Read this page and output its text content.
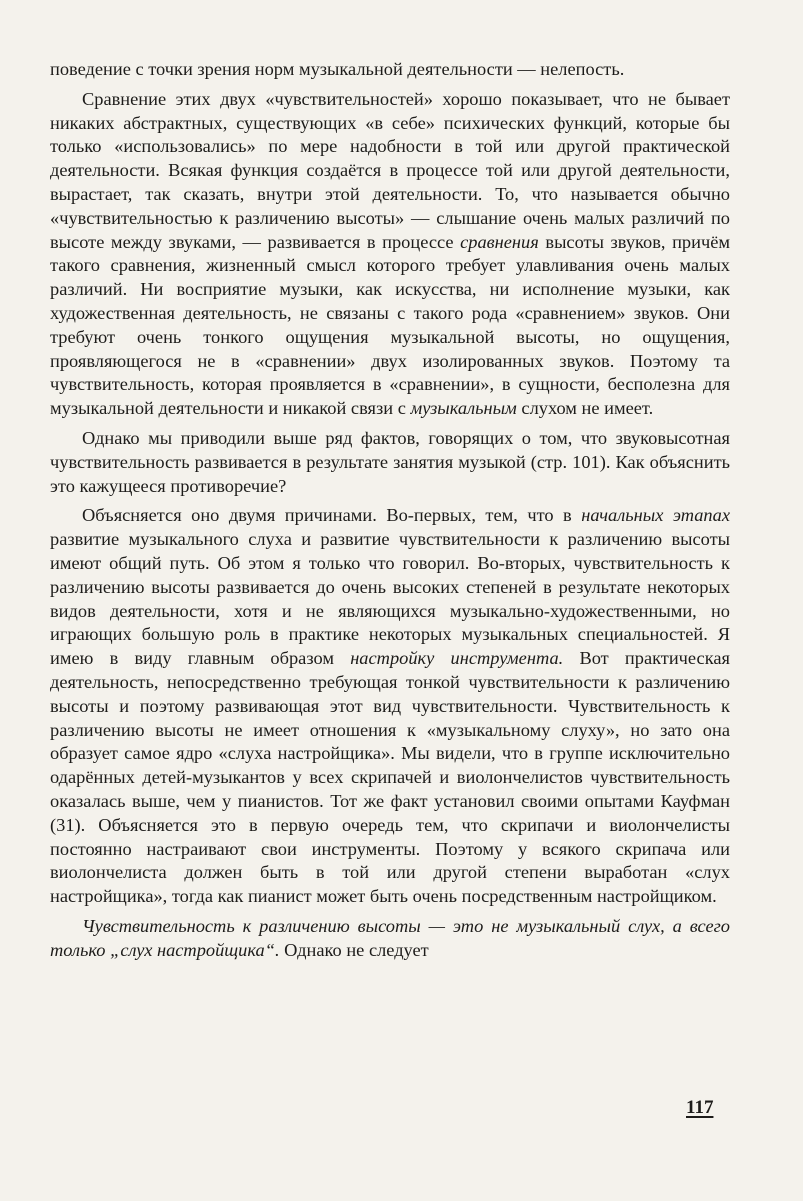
поведение с точки зрения норм музыкальной деятельности — нелепость.

Сравнение этих двух «чувствительностей» хорошо показывает, что не бывает никаких абстрактных, существующих «в себе» психических функций, которые бы только «использовались» по мере надобности в той или другой практической деятельности. Всякая функция создаётся в процессе той или другой деятельности, вырастает, так сказать, внутри этой деятельности. То, что называется обычно «чувствительностью к различению высоты» — слышание очень малых различий по высоте между звуками, — развивается в процессе сравнения высоты звуков, причём такого сравнения, жизненный смысл которого требует улавливания очень малых различий. Ни восприятие музыки, как искусства, ни исполнение музыки, как художественная деятельность, не связаны с такого рода «сравнением» звуков. Они требуют очень тонкого ощущения музыкальной высоты, но ощущения, проявляющегося не в «сравнении» двух изолированных звуков. Поэтому та чувствительность, которая проявляется в «сравнении», в сущности, бесполезна для музыкальной деятельности и никакой связи с музыкальным слухом не имеет.

Однако мы приводили выше ряд фактов, говорящих о том, что звуковысотная чувствительность развивается в результате занятия музыкой (стр. 101). Как объяснить это кажущееся противоречие?

Объясняется оно двумя причинами. Во-первых, тем, что в начальных этапах развитие музыкального слуха и развитие чувствительности к различению высоты имеют общий путь. Об этом я только что говорил. Во-вторых, чувствительность к различению высоты развивается до очень высоких степеней в результате некоторых видов деятельности, хотя и не являющихся музыкально-художественными, но играющих большую роль в практике некоторых музыкальных специальностей. Я имею в виду главным образом настройку инструмента. Вот практическая деятельность, непосредственно требующая тонкой чувствительности к различению высоты и поэтому развивающая этот вид чувствительности. Чувствительность к различению высоты не имеет отношения к «музыкальному слуху», но зато она образует самое ядро «слуха настройщика». Мы видели, что в группе исключительно одарённых детей-музыкантов у всех скрипачей и виолончелистов чувствительность оказалась выше, чем у пианистов. Тот же факт установил своими опытами Кауфман (31). Объясняется это в первую очередь тем, что скрипачи и виолончелисты постоянно настраивают свои инструменты. Поэтому у всякого скрипача или виолончелиста должен быть в той или другой степени выработан «слух настройщика», тогда как пианист может быть очень посредственным настройщиком.

Чувствительность к различению высоты — это не музыкальный слух, а всего только „слух настройщика“. Однако не следует

117
